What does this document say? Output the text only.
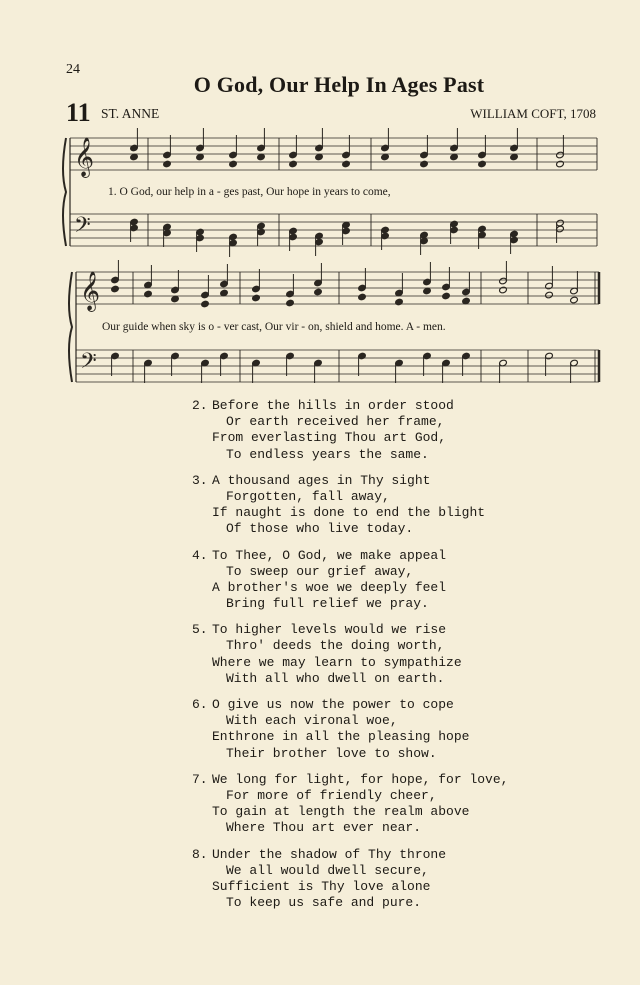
24
O God, Our Help In Ages Past
11 ST. ANNE	WILLIAM COFT, 1708
𝄞
𝄢
𝄞
𝄢
1. O God, our help in a - ges past, Our hope in years to come,
Our guide when sky is o - ver cast, Our vir - on, shield and home. A - men.
2. Before the hills in order stood
Or earth received her frame,
From everlasting Thou art God,
To endless years the same.
3. A thousand ages in Thy sight
Forgotten, fall away,
If naught is done to end the blight
Of those who live today.
4. To Thee, O God, we make appeal
To sweep our grief away,
A brother's woe we deeply feel
Bring full relief we pray.
5. To higher levels would we rise
Thro' deeds the doing worth,
Where we may learn to sympathize
With all who dwell on earth.
6. O give us now the power to cope
With each vironal woe,
Enthrone in all the pleasing hope
Their brother love to show.
7. We long for light, for hope, for love,
For more of friendly cheer,
To gain at length the realm above
Where Thou art ever near.
8. Under the shadow of Thy throne
We all would dwell secure,
Sufficient is Thy love alone
To keep us safe and pure.
